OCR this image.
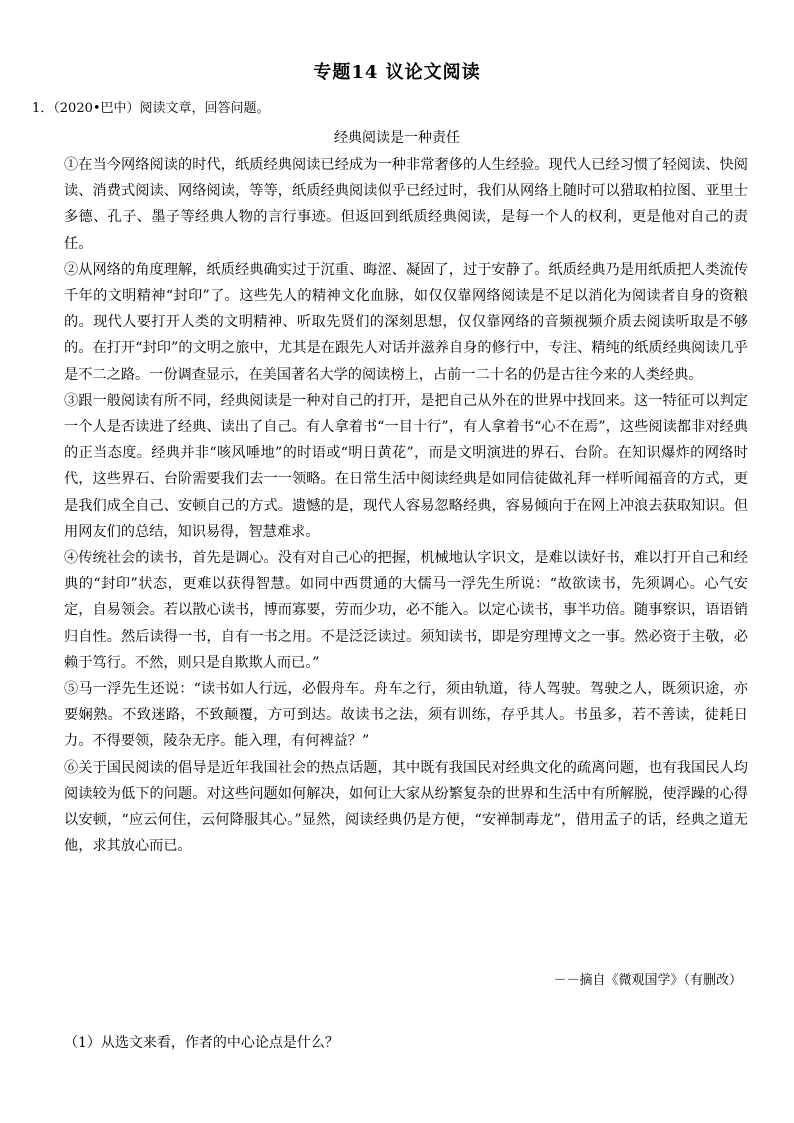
专题14 议论文阅读
1．（2020•巴中）阅读文章，回答问题。
经典阅读是一种责任

①在当今网络阅读的时代，纸质经典阅读已经成为一种非常奢侈的人生经验。现代人已经习惯了轻阅读、快阅读、消费式阅读、网络阅读，等等，纸质经典阅读似乎已经过时，我们从网络上随时可以猎取柏拉图、亚里士多德、孔子、墨子等经典人物的言行事迹。但返回到纸质经典阅读，是每一个人的权利，更是他对自己的责任。

②从网络的角度理解，纸质经典确实过于沉重、晦涩、凝固了，过于安静了。纸质经典乃是用纸质把人类流传千年的文明精神“封印”了。这些先人的精神文化血脉，如仅仅靠网络阅读是不足以消化为阅读者自身的资粮的。现代人要打开人类的文明精神、听取先贤们的深刻思想，仅仅靠网络的音频视频介质去阅读听取是不够的。在打开“封印”的文明之旅中，尤其是在跟先人对话并滋养自身的修行中，专注、精纯的纸质经典阅读几乎是不二之路。一份调查显示，在美国著名大学的阅读榜上，占前一二十名的仍是古往今来的人类经典。

③跟一般阅读有所不同，经典阅读是一种对自己的打开，是把自己从外在的世界中找回来。这一特征可以判定一个人是否读进了经典、读出了自己。有人拿着书“一目十行”，有人拿着书“心不在焉”，这些阅读都非对经典的正当态度。经典并非“咳风唾地”的时语或“明日黄花”，而是文明演进的界石、台阶。在知识爆炸的网络时代，这些界石、台阶需要我们去一一领略。在日常生活中阅读经典是如同信徒做礼拜一样听闻福音的方式，更是我们成全自己、安顿自己的方式。遗憾的是，现代人容易忽略经典，容易倾向于在网上冲浪去获取知识。但用网友们的总结，知识易得，智慧难求。

④传统社会的读书，首先是调心。没有对自己心的把握，机械地认字识文，是难以读好书，难以打开自己和经典的“封印”状态，更难以获得智慧。如同中西贯通的大儒马一浮先生所说：“故欲读书，先须调心。心气安定，自易领会。若以散心读书，博而寡要，劳而少功，必不能入。以定心读书，事半功倍。随事察识，语语销归自性。然后读得一书，自有一书之用。不是泛泛读过。须知读书，即是穷理博文之一事。然必资于主敬，必赖于笃行。不然，则只是自欺欺人而已。”

⑤马一浮先生还说：“读书如人行远，必假舟车。舟车之行，须由轨道，待人驾驶。驾驶之人，既须识途，亦要娴熟。不致迷路，不致颠覆，方可到达。故读书之法，须有训练，存乎其人。书虽多，若不善读，徒耗日力。不得要领，陵杂无序。能入理，有何裨益？”

⑥关于国民阅读的倡导是近年我国社会的热点话题，其中既有我国民对经典文化的疏离问题，也有我国民人均阅读较为低下的问题。对这些问题如何解决，如何让大家从纷繁复杂的世界和生活中有所解脱，使浮躁的心得以安顿，“应云何住，云何降服其心。”显然，阅读经典仍是方便，“安禅制毒龙”，借用孟子的话，经典之道无他，求其放心而已。

－－摘自《微观国学》（有删改）
（1）从选文来看，作者的中心论点是什么？
